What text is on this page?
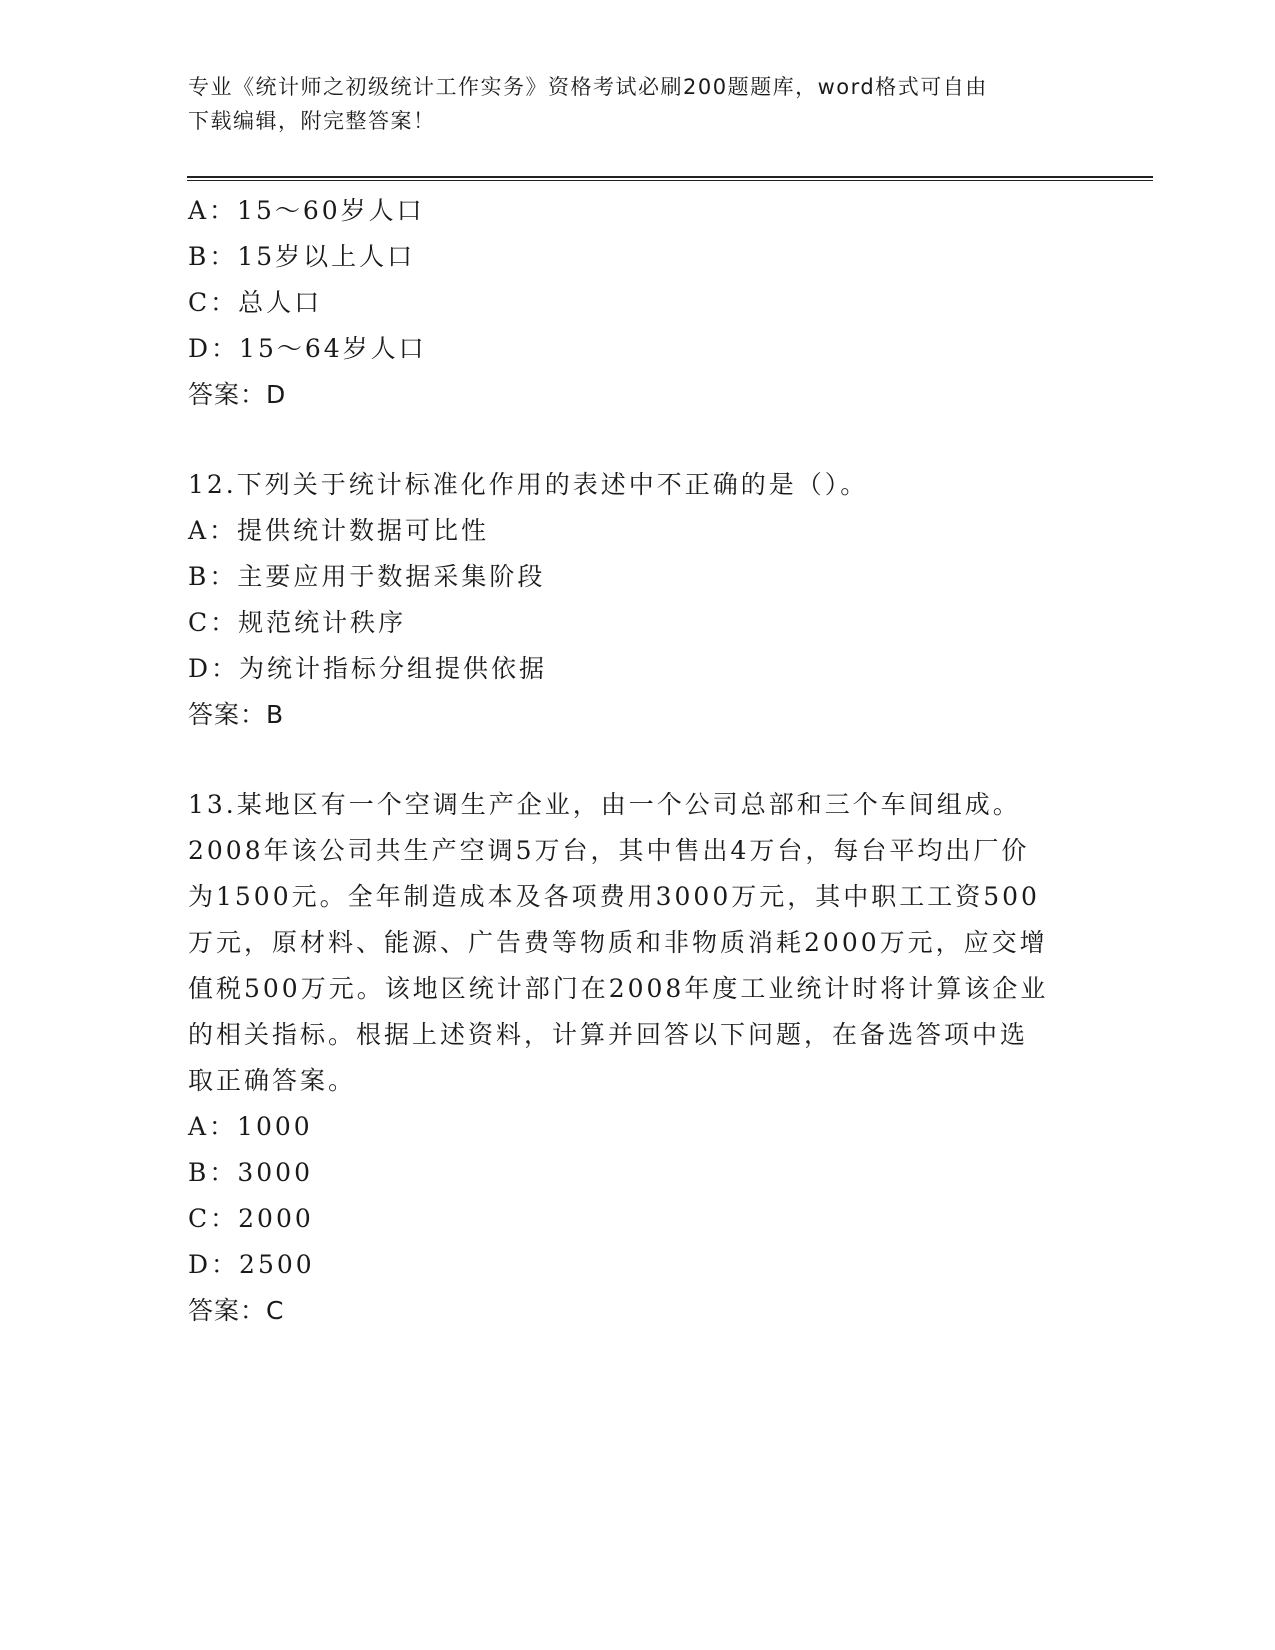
专业《统计师之初级统计工作实务》资格考试必刷200题题库，word格式可自由
下载编辑，附完整答案！
A：15～60岁人口
B：15岁以上人口
C：总人口
D：15～64岁人口
答案：D
12.下列关于统计标准化作用的表述中不正确的是（）。
A：提供统计数据可比性
B：主要应用于数据采集阶段
C：规范统计秩序
D：为统计指标分组提供依据
答案：B
13.某地区有一个空调生产企业，由一个公司总部和三个车间组成。
2008年该公司共生产空调5万台，其中售出4万台，每台平均出厂价
为1500元。全年制造成本及各项费用3000万元，其中职工工资500
万元，原材料、能源、广告费等物质和非物质消耗2000万元，应交增
值税500万元。该地区统计部门在2008年度工业统计时将计算该企业
的相关指标。根据上述资料，计算并回答以下问题，在备选答项中选
取正确答案。
A：1000
B：3000
C：2000
D：2500
答案：C
